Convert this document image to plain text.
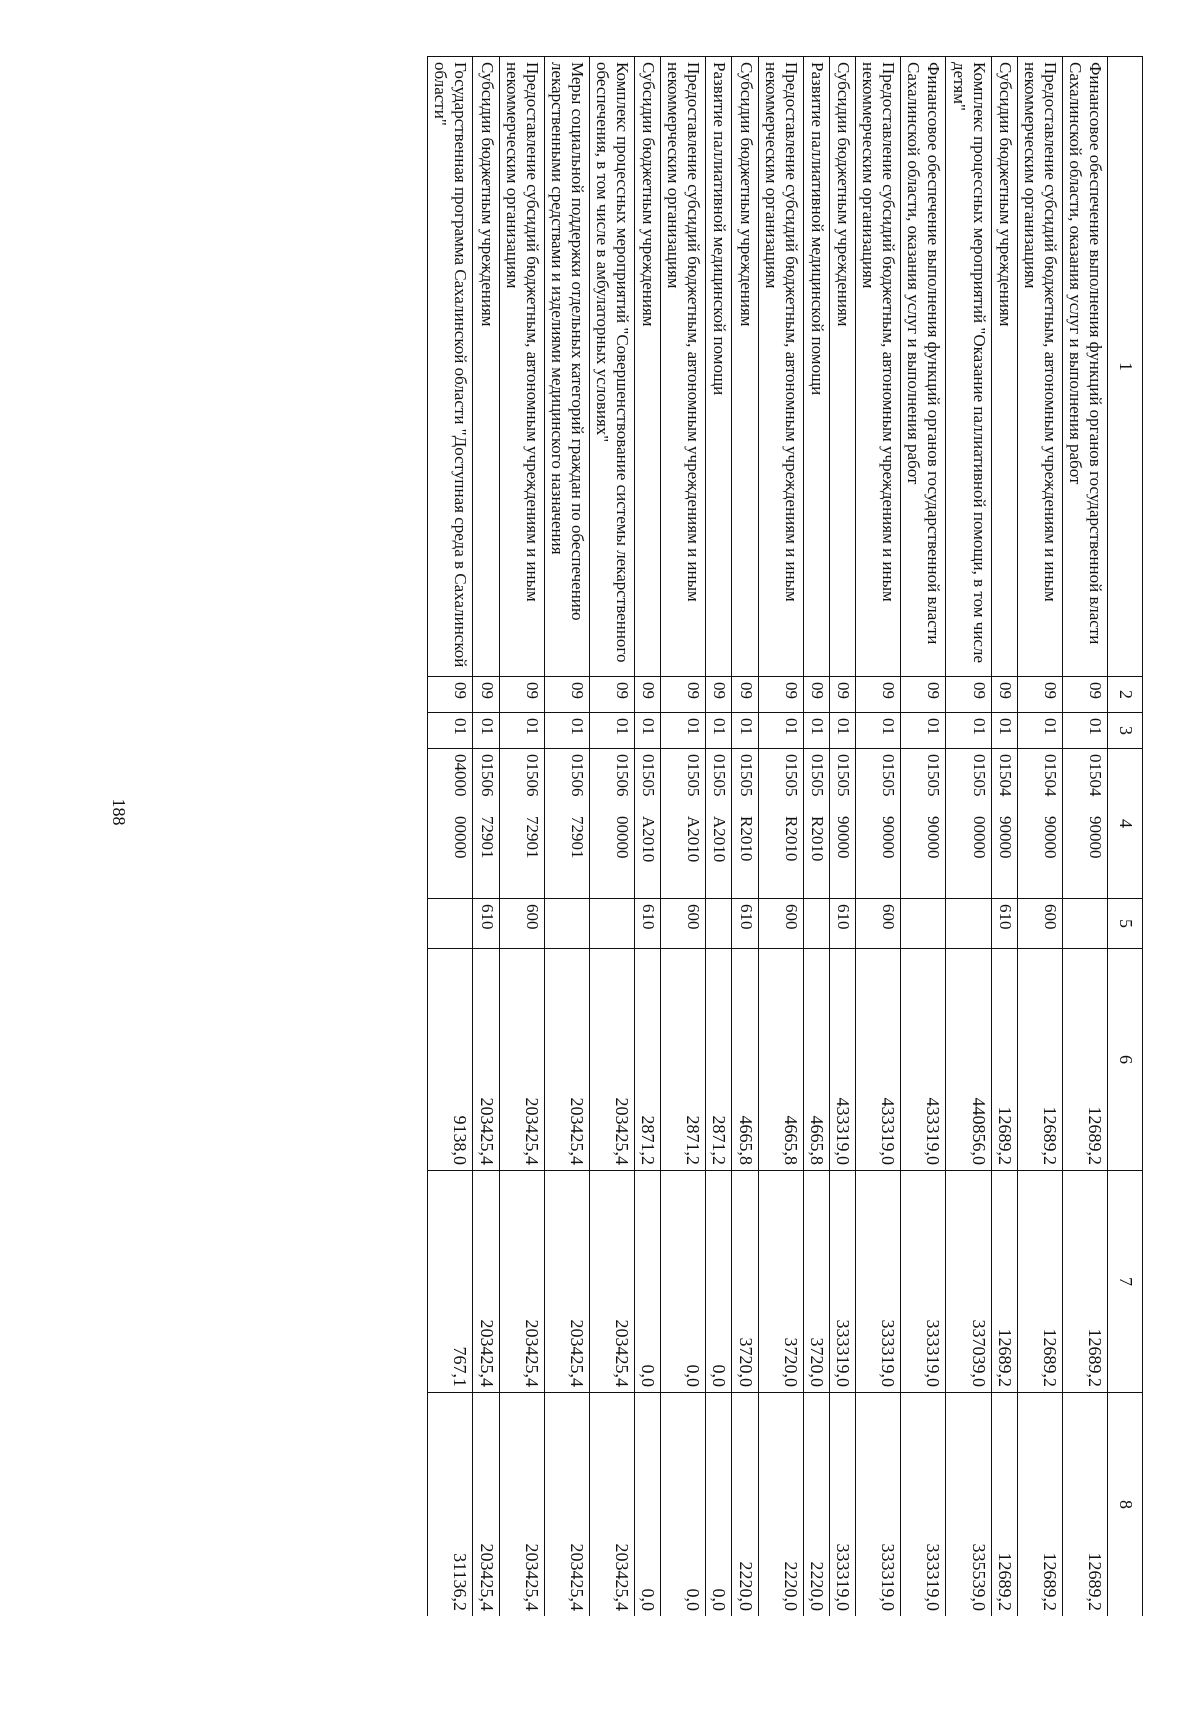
188
1	2	3	4	5	6	7	8
Финансовое обеспечение выполнения функций органов государственной власти Сахалинской области, оказания услуг и выполнения работ	09	01	0150490000		12689,2	12689,2	12689,2
Предоставление субсидий бюджетным, автономным учреждениям и иным некоммерческим организациям	09	01	0150490000	600	12689,2	12689,2	12689,2
Субсидии бюджетным учреждениям	09	01	0150490000	610	12689,2	12689,2	12689,2
Комплекс процессных мероприятий "Оказание паллиативной помощи, в том числе детям"	09	01	0150500000		440856,0	337039,0	335539,0
Финансовое обеспечение выполнения функций органов государственной власти Сахалинской области, оказания услуг и выполнения работ	09	01	0150590000		433319,0	333319,0	333319,0
Предоставление субсидий бюджетным, автономным учреждениям и иным некоммерческим организациям	09	01	0150590000	600	433319,0	333319,0	333319,0
Субсидии бюджетным учреждениям	09	01	0150590000	610	433319,0	333319,0	333319,0
Развитие паллиативной медицинской помощи	09	01	01505R2010		4665,8	3720,0	2220,0
Предоставление субсидий бюджетным, автономным учреждениям и иным некоммерческим организациям	09	01	01505R2010	600	4665,8	3720,0	2220,0
Субсидии бюджетным учреждениям	09	01	01505R2010	610	4665,8	3720,0	2220,0
Развитие паллиативной медицинской помощи	09	01	01505A2010		2871,2	0,0	0,0
Предоставление субсидий бюджетным, автономным учреждениям и иным некоммерческим организациям	09	01	01505A2010	600	2871,2	0,0	0,0
Субсидии бюджетным учреждениям	09	01	01505A2010	610	2871,2	0,0	0,0
Комплекс процессных мероприятий "Совершенствование системы лекарственного обеспечения, в том числе в амбулаторных условиях"	09	01	0150600000		203425,4	203425,4	203425,4
Меры социальной поддержки отдельных категорий граждан по обеспечению лекарственными средствами и изделиями медицинского назначения	09	01	0150672901		203425,4	203425,4	203425,4
Предоставление субсидий бюджетным, автономным учреждениям и иным некоммерческим организациям	09	01	0150672901	600	203425,4	203425,4	203425,4
Субсидии бюджетным учреждениям	09	01	0150672901	610	203425,4	203425,4	203425,4
Государственная программа Сахалинской области "Доступная среда в Сахалинской области"	09	01	0400000000		9138,0	767,1	31136,2
